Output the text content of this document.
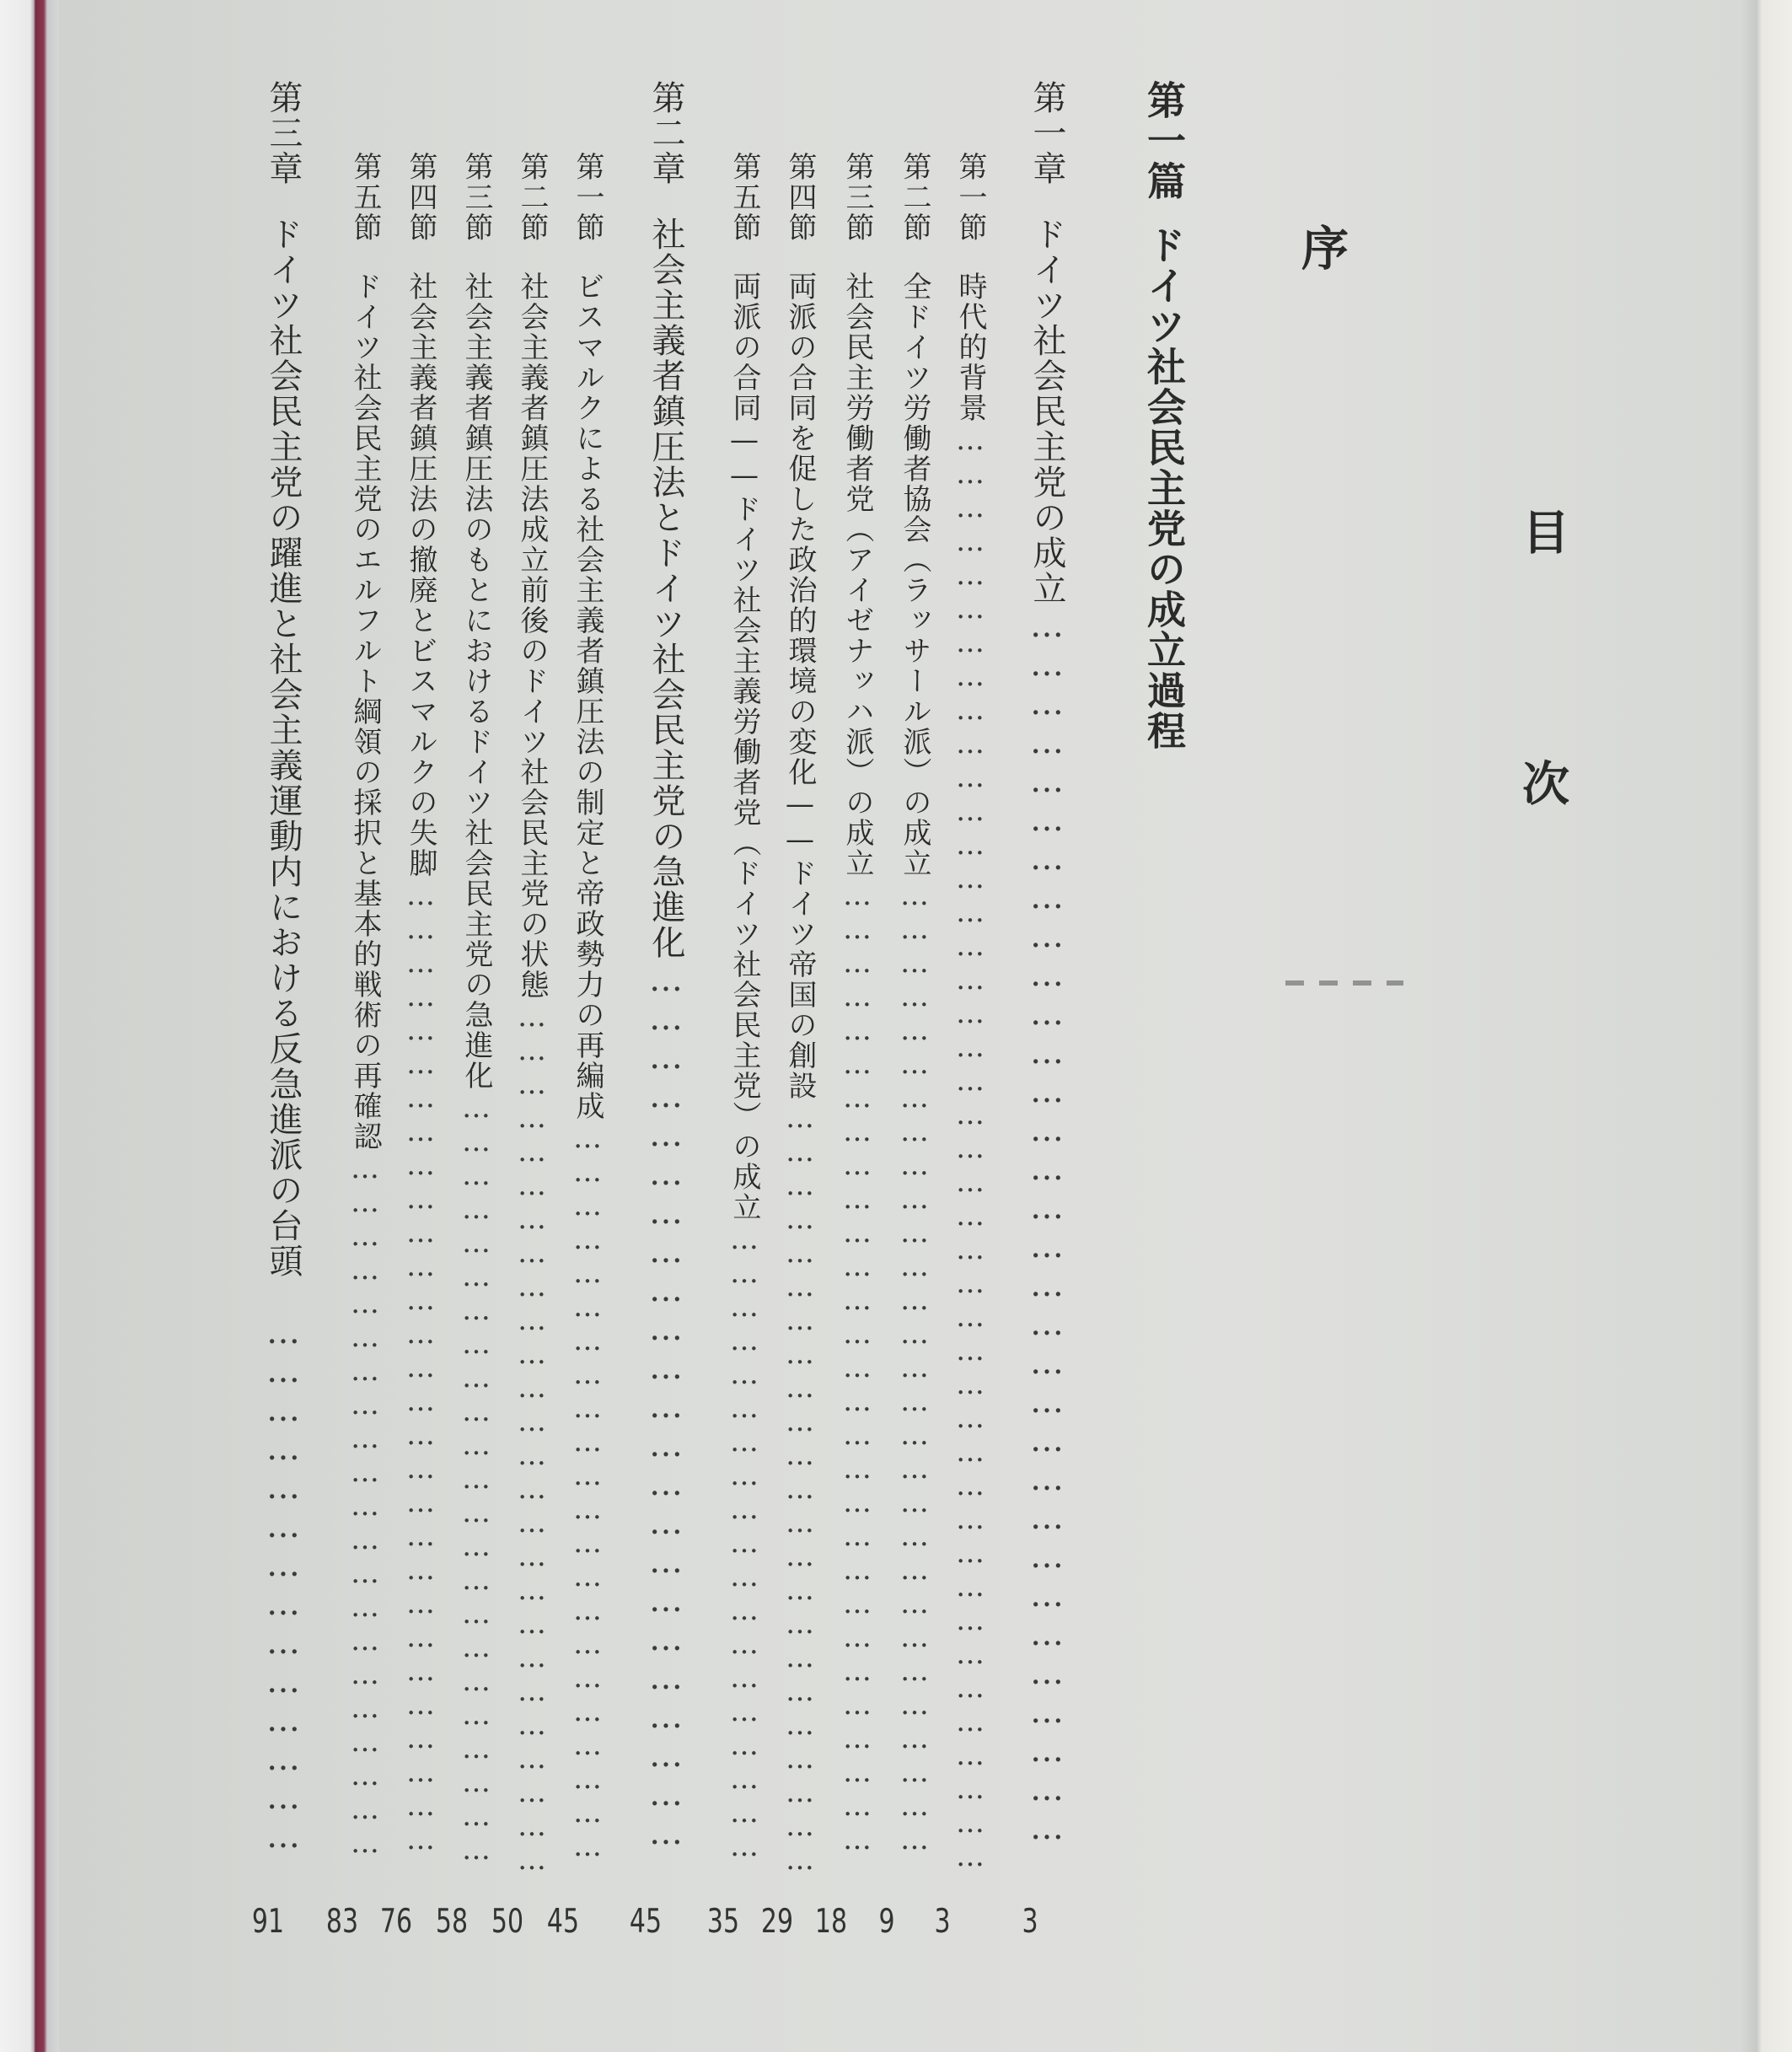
序
目
次
第一篇ドイツ社会民主党の成立過程
第一章ドイツ社会民主党の成立……………………………………………………………………………………
3
第一節時代的背景…………………………………………………………………………………………………………………
3
第二節全ドイツ労働者協会（ラッサール派）の成立……………………………………………………………………………
9
第三節社会民主労働者党（アイゼナッハ派）の成立……………………………………………………………………………
18
第四節両派の合同を促した政治的環境の変化——ドイツ帝国の創設……………………………………………………………
29
第五節両派の合同——ドイツ社会主義労働者党（ドイツ社会民主党）の成立…………………………………………………
35
第二章社会主義者鎮圧法とドイツ社会民主党の急進化……………………………………………………………
45
第一節ビスマルクによる社会主義者鎮圧法の制定と帝政勢力の再編成…………………………………………………………
45
第二節社会主義者鎮圧法成立前後のドイツ社会民主党の状態……………………………………………………………………
50
第三節社会主義者鎮圧法のもとにおけるドイツ社会民主党の急進化……………………………………………………………
58
第四節社会主義者鎮圧法の撤廃とビスマルクの失脚……………………………………………………………………………
76
第五節ドイツ社会民主党のエルフルト綱領の採択と基本的戦術の再確認………………………………………………………
83
第三章ドイツ社会民主党の躍進と社会主義運動内における反急進派の台頭……………………………………
91
